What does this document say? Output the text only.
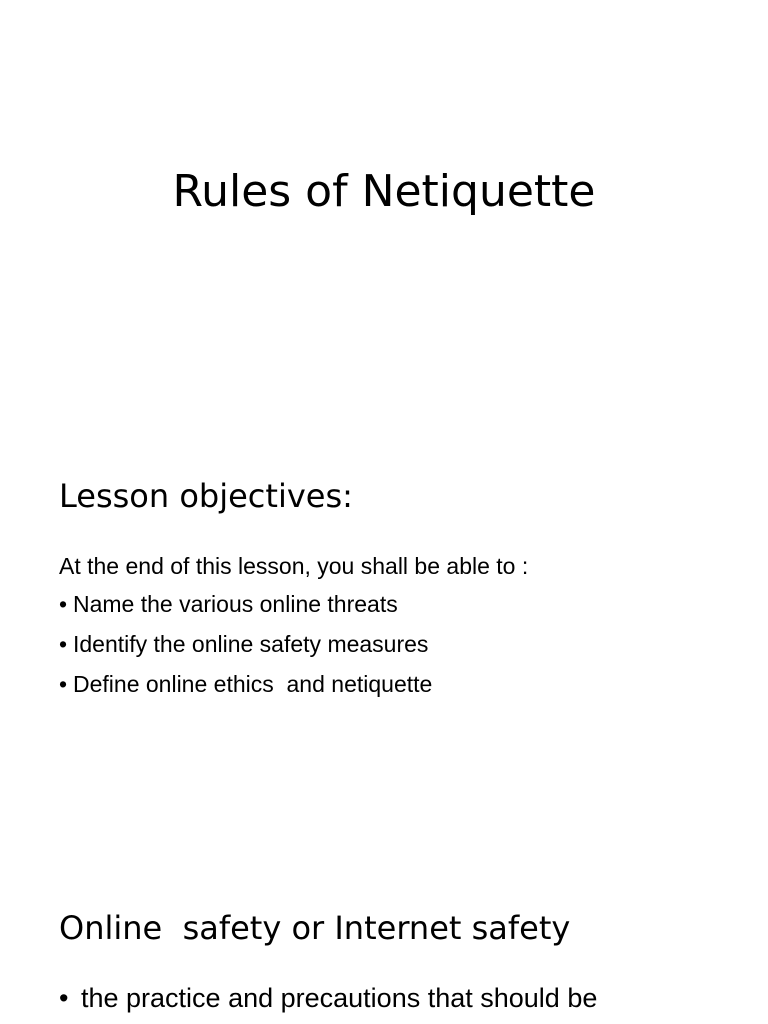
Rules of Netiquette
Lesson objectives:

At the end of this lesson, you shall be able to :

• Name the various online threats
• Identify the online safety measures
• Define online ethics  and netiquette
Online  safety or Internet safety
• the practice and precautions that should be
